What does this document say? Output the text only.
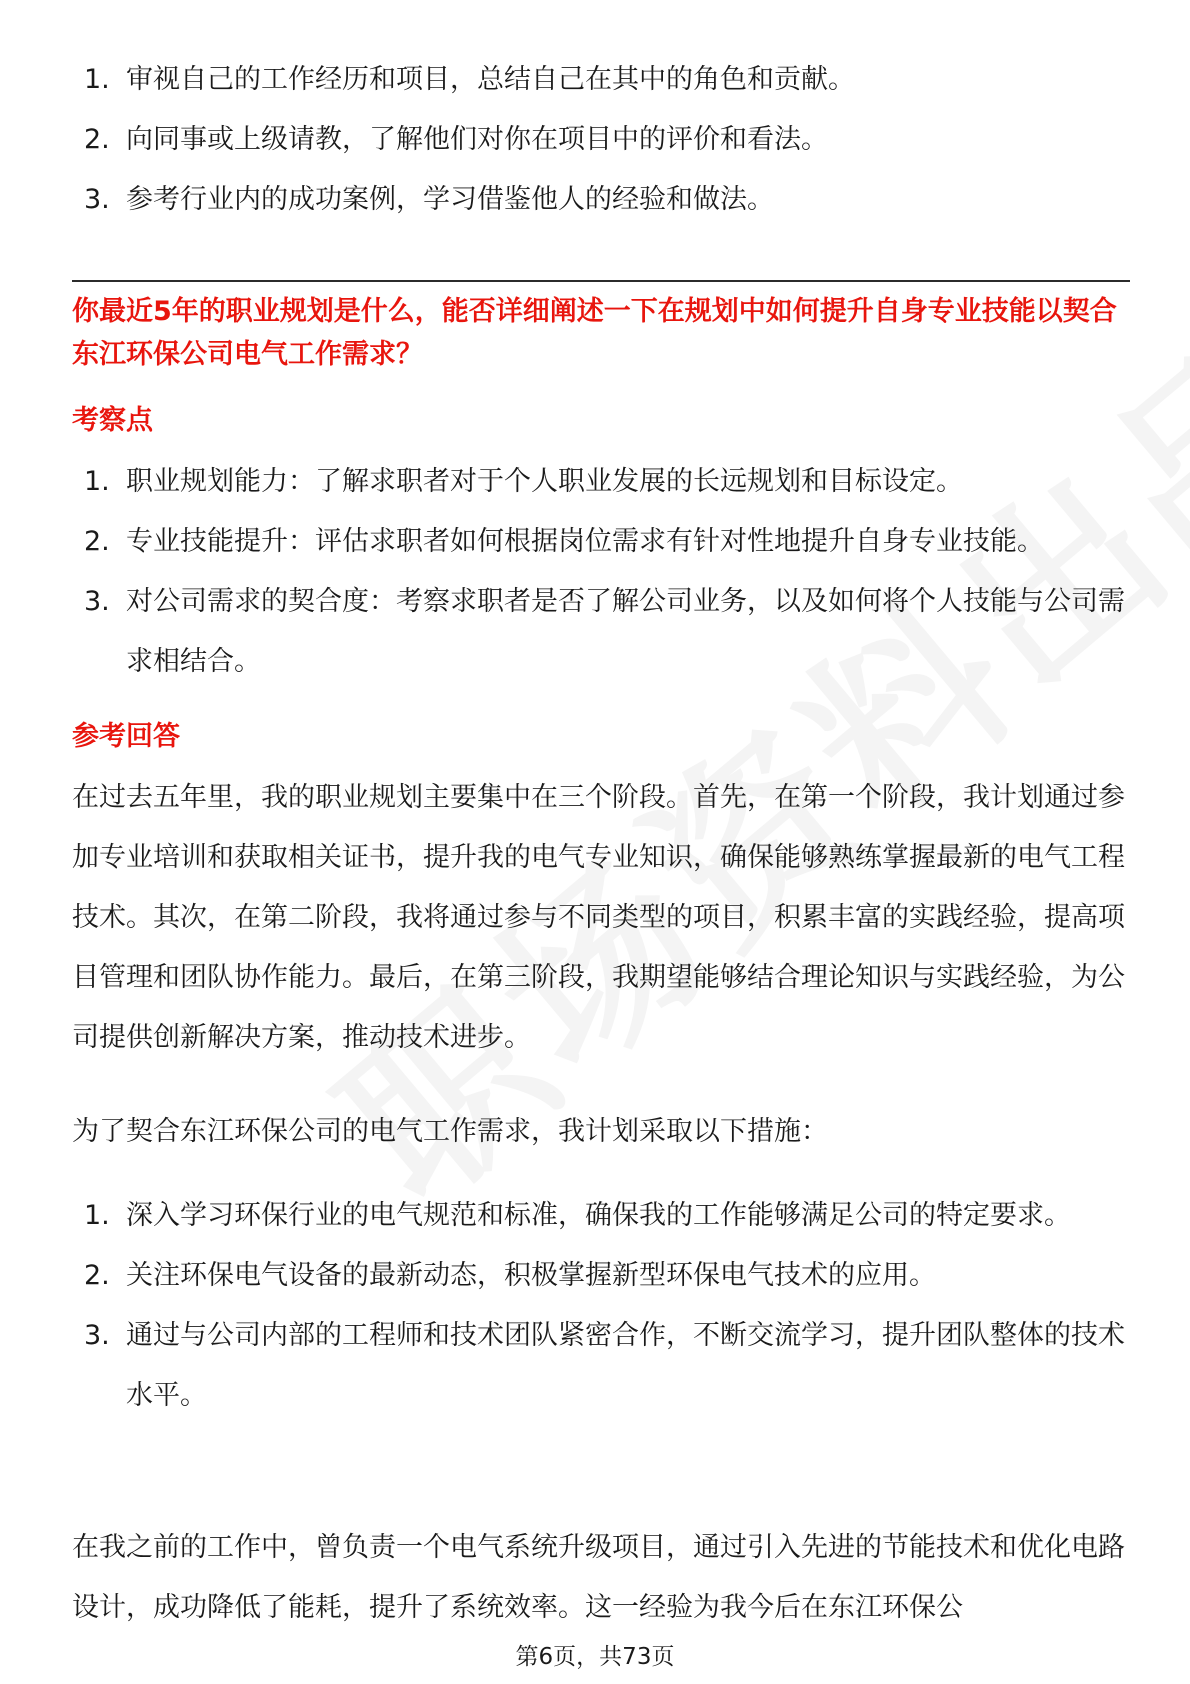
1. 审视自己的工作经历和项目，总结自己在其中的角色和贡献。
2. 向同事或上级请教，了解他们对你在项目中的评价和看法。
3. 参考行业内的成功案例，学习借鉴他人的经验和做法。

你最近5年的职业规划是什么，能否详细阐述一下在规划中如何提升自身专业技能以契合东江环保公司电气工作需求？

考察点

1. 职业规划能力：了解求职者对于个人职业发展的长远规划和目标设定。
2. 专业技能提升：评估求职者如何根据岗位需求有针对性地提升自身专业技能。
3. 对公司需求的契合度：考察求职者是否了解公司业务，以及如何将个人技能与公司需求相结合。

参考回答

在过去五年里，我的职业规划主要集中在三个阶段。首先，在第一个阶段，我计划通过参加专业培训和获取相关证书，提升我的电气专业知识，确保能够熟练掌握最新的电气工程技术。其次，在第二阶段，我将通过参与不同类型的项目，积累丰富的实践经验，提高项目管理和团队协作能力。最后，在第三阶段，我期望能够结合理论知识与实践经验，为公司提供创新解决方案，推动技术进步。

为了契合东江环保公司的电气工作需求，我计划采取以下措施：

1. 深入学习环保行业的电气规范和标准，确保我的工作能够满足公司的特定要求。
2. 关注环保电气设备的最新动态，积极掌握新型环保电气技术的应用。
3. 通过与公司内部的工程师和技术团队紧密合作，不断交流学习，提升团队整体的技术水平。

在我之前的工作中，曾负责一个电气系统升级项目，通过引入先进的节能技术和优化电路设计，成功降低了能耗，提升了系统效率。这一经验为我今后在东江环保公

第6页，共73页
